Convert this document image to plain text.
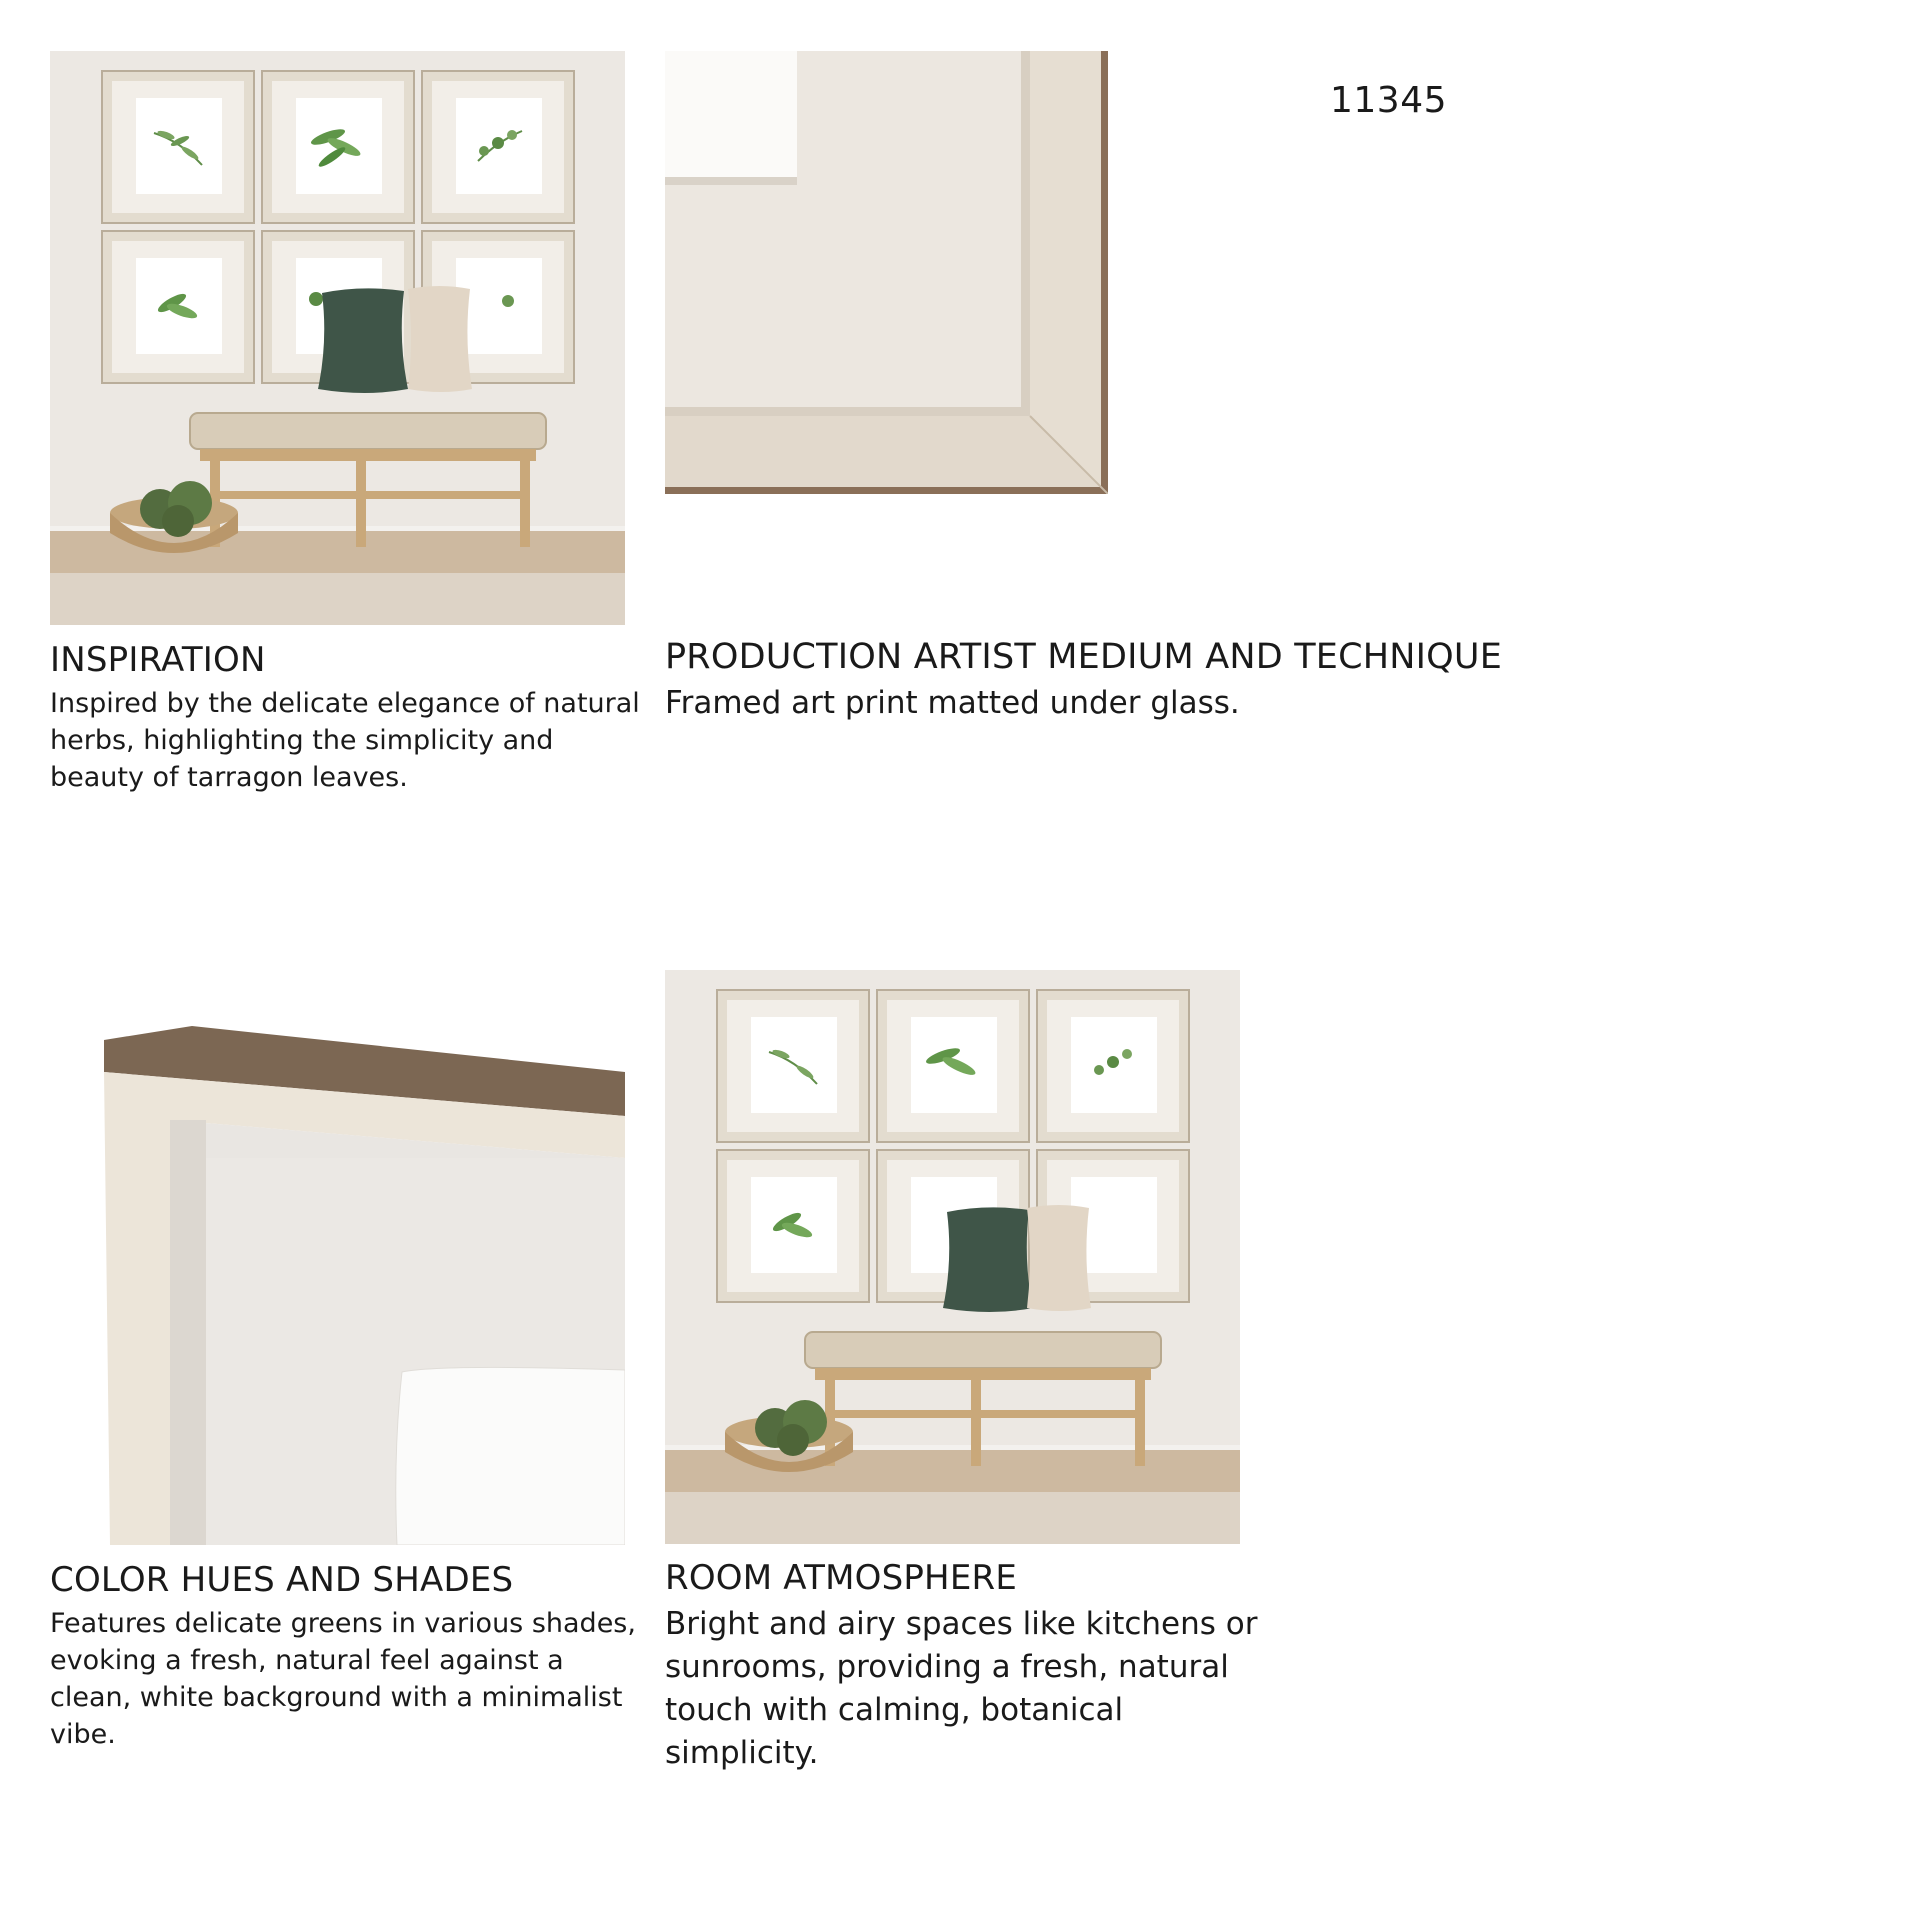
11345
INSPIRATION

Inspired by the delicate elegance of natural herbs, highlighting the simplicity and beauty of tarragon leaves.

PRODUCTION ARTIST MEDIUM AND TECHNIQUE

Framed art print matted under glass.

COLOR HUES AND SHADES

Features delicate greens in various shades, evoking a fresh, natural feel against a clean, white background with a minimalist vibe.

ROOM ATMOSPHERE

Bright and airy spaces like kitchens or sunrooms, providing a fresh, natural touch with calming, botanical simplicity.
